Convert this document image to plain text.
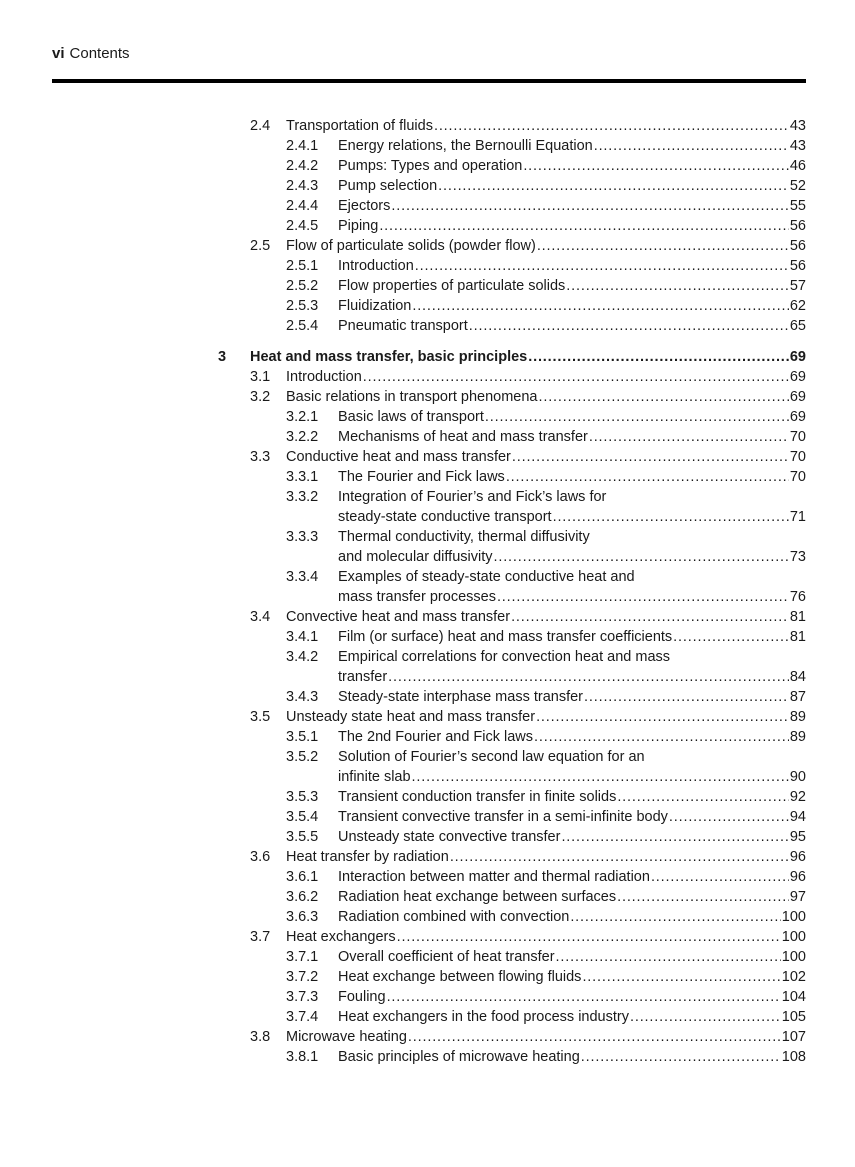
vi Contents
2.4 Transportation of fluids . . .	43
2.4.1 Energy relations, the Bernoulli Equation . . .	43
2.4.2 Pumps: Types and operation . . .	46
2.4.3 Pump selection . . .	52
2.4.4 Ejectors . . .	55
2.4.5 Piping . . .	56
2.5 Flow of particulate solids (powder flow) . . .	56
2.5.1 Introduction . . .	56
2.5.2 Flow properties of particulate solids . . .	57
2.5.3 Fluidization . . .	62
2.5.4 Pneumatic transport . . .	65
3 Heat and mass transfer, basic principles . . .	69
3.1 Introduction . . .	69
3.2 Basic relations in transport phenomena . . .	69
3.2.1 Basic laws of transport . . .	69
3.2.2 Mechanisms of heat and mass transfer . . .	70
3.3 Conductive heat and mass transfer . . .	70
3.3.1 The Fourier and Fick laws . . .	70
3.3.2 Integration of Fourier’s and Fick’s laws for
steady-state conductive transport . . .	71
3.3.3 Thermal conductivity, thermal diffusivity
and molecular diffusivity . . .	73
3.3.4 Examples of steady-state conductive heat and
mass transfer processes . . .	76
3.4 Convective heat and mass transfer . . .	81
3.4.1 Film (or surface) heat and mass transfer coefficients . . .	81
3.4.2 Empirical correlations for convection heat and mass
transfer . . .	84
3.4.3 Steady-state interphase mass transfer . . .	87
3.5 Unsteady state heat and mass transfer . . .	89
3.5.1 The 2nd Fourier and Fick laws . . .	89
3.5.2 Solution of Fourier’s second law equation for an
infinite slab . . .	90
3.5.3 Transient conduction transfer in finite solids . . .	92
3.5.4 Transient convective transfer in a semi-infinite body . . .	94
3.5.5 Unsteady state convective transfer . . .	95
3.6 Heat transfer by radiation . . .	96
3.6.1 Interaction between matter and thermal radiation . . .	96
3.6.2 Radiation heat exchange between surfaces . . .	97
3.6.3 Radiation combined with convection . . .	100
3.7 Heat exchangers . . .	100
3.7.1 Overall coefficient of heat transfer . . .	100
3.7.2 Heat exchange between flowing fluids . . .	102
3.7.3 Fouling . . .	104
3.7.4 Heat exchangers in the food process industry . . .	105
3.8 Microwave heating . . .	107
3.8.1 Basic principles of microwave heating . . .	108
